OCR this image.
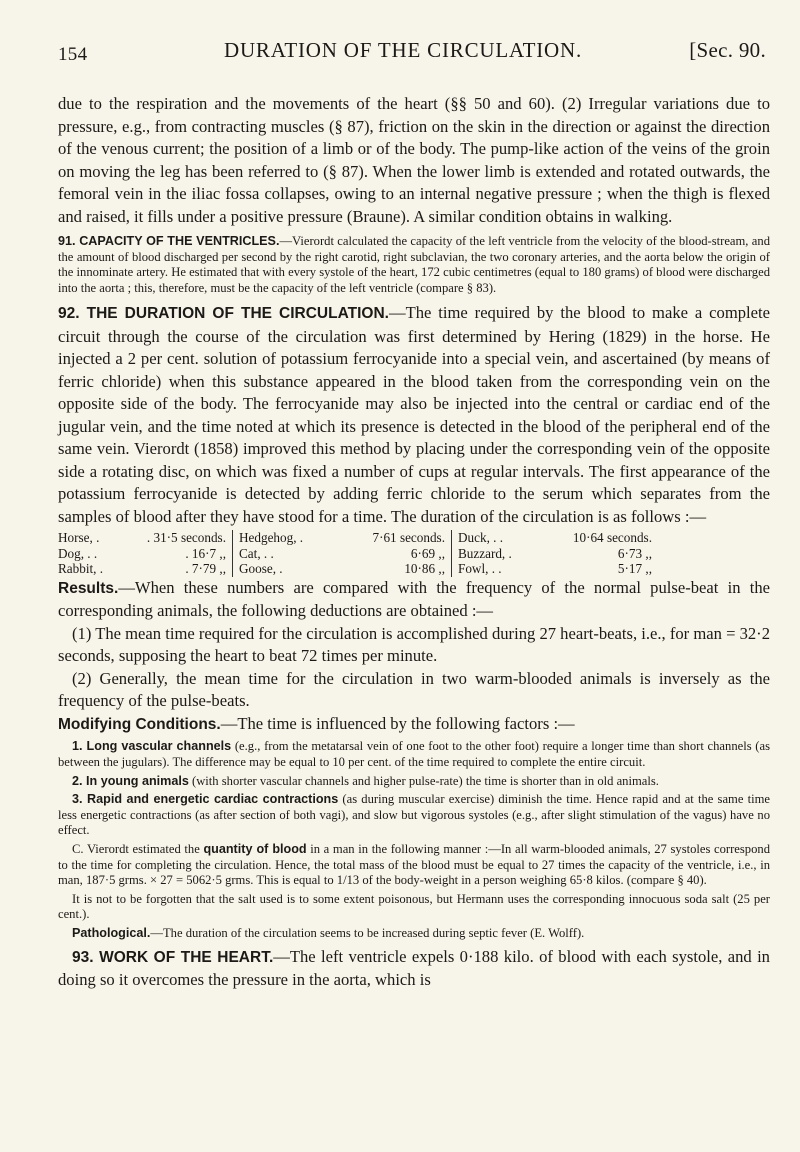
154	DURATION OF THE CIRCULATION.	[Sec. 90.

due to the respiration and the movements of the heart (§§ 50 and 60). (2) Irregular variations due to pressure, e.g., from contracting muscles (§ 87), friction on the skin in the direction or against the direction of the venous current; the position of a limb or of the body. The pump-like action of the veins of the groin on moving the leg has been referred to (§ 87). When the lower limb is extended and rotated outwards, the femoral vein in the iliac fossa collapses, owing to an internal negative pressure ; when the thigh is flexed and raised, it fills under a positive pressure (Braune). A similar condition obtains in walking.

91. CAPACITY OF THE VENTRICLES.—Vierordt calculated the capacity of the left ventricle from the velocity of the blood-stream, and the amount of blood discharged per second by the right carotid, right subclavian, the two coronary arteries, and the aorta below the origin of the innominate artery. He estimated that with every systole of the heart, 172 cubic centimetres (equal to 180 grams) of blood were discharged into the aorta ; this, therefore, must be the capacity of the left ventricle (compare § 83).

92. THE DURATION OF THE CIRCULATION.—The time required by the blood to make a complete circuit through the course of the circulation was first determined by Hering (1829) in the horse. He injected a 2 per cent. solution of potassium ferrocyanide into a special vein, and ascertained (by means of ferric chloride) when this substance appeared in the blood taken from the corresponding vein on the opposite side of the body. The ferrocyanide may also be injected into the central or cardiac end of the jugular vein, and the time noted at which its presence is detected in the blood of the peripheral end of the same vein. Vierordt (1858) improved this method by placing under the corresponding vein of the opposite side a rotating disc, on which was fixed a number of cups at regular intervals. The first appearance of the potassium ferrocyanide is detected by adding ferric chloride to the serum which separates from the samples of blood after they have stood for a time. The duration of the circulation is as follows :—

Horse, .	. 31·5 seconds.
Dog, . .	. 16·7 ,,
Rabbit, .	. 7·79 ,,
Hedgehog, .	7·61 seconds.
Cat, . .	6·69 ,,
Goose, .	10·86 ,,
Duck, . .	10·64 seconds.
Buzzard, .	6·73 ,,
Fowl, . .	5·17 ,,

Results.—When these numbers are compared with the frequency of the normal pulse-beat in the corresponding animals, the following deductions are obtained :—

(1) The mean time required for the circulation is accomplished during 27 heart-beats, i.e., for man = 32·2 seconds, supposing the heart to beat 72 times per minute.

(2) Generally, the mean time for the circulation in two warm-blooded animals is inversely as the frequency of the pulse-beats.

Modifying Conditions.—The time is influenced by the following factors :—

1. Long vascular channels (e.g., from the metatarsal vein of one foot to the other foot) require a longer time than short channels (as between the jugulars). The difference may be equal to 10 per cent. of the time required to complete the entire circuit.

2. In young animals (with shorter vascular channels and higher pulse-rate) the time is shorter than in old animals.

3. Rapid and energetic cardiac contractions (as during muscular exercise) diminish the time. Hence rapid and at the same time less energetic contractions (as after section of both vagi), and slow but vigorous systoles (e.g., after slight stimulation of the vagus) have no effect.

C. Vierordt estimated the quantity of blood in a man in the following manner :—In all warm-blooded animals, 27 systoles correspond to the time for completing the circulation. Hence, the total mass of the blood must be equal to 27 times the capacity of the ventricle, i.e., in man, 187·5 grms. × 27 = 5062·5 grms. This is equal to 1/13 of the body-weight in a person weighing 65·8 kilos. (compare § 40).

It is not to be forgotten that the salt used is to some extent poisonous, but Hermann uses the corresponding innocuous soda salt (25 per cent.).

Pathological.—The duration of the circulation seems to be increased during septic fever (E. Wolff).

93. WORK OF THE HEART.—The left ventricle expels 0·188 kilo. of blood with each systole, and in doing so it overcomes the pressure in the aorta, which is
